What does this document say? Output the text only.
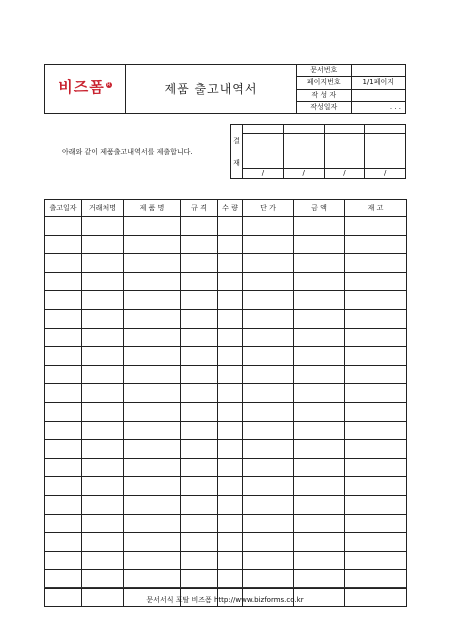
비즈폼 R	제품 출고내역서	문서번호	
		페이지번호	1/1페이지
		작 성 자	
		작성일자	. . .
아래와 같이 제품출고내역서를 제출합니다.
결
재				

	/	/	/	/
출고일자	거래처명	제 품 명	규 격	수 량	단 가	금 액	재 고

문서서식 포탈 비즈폼 http://www.bizforms.co.kr
